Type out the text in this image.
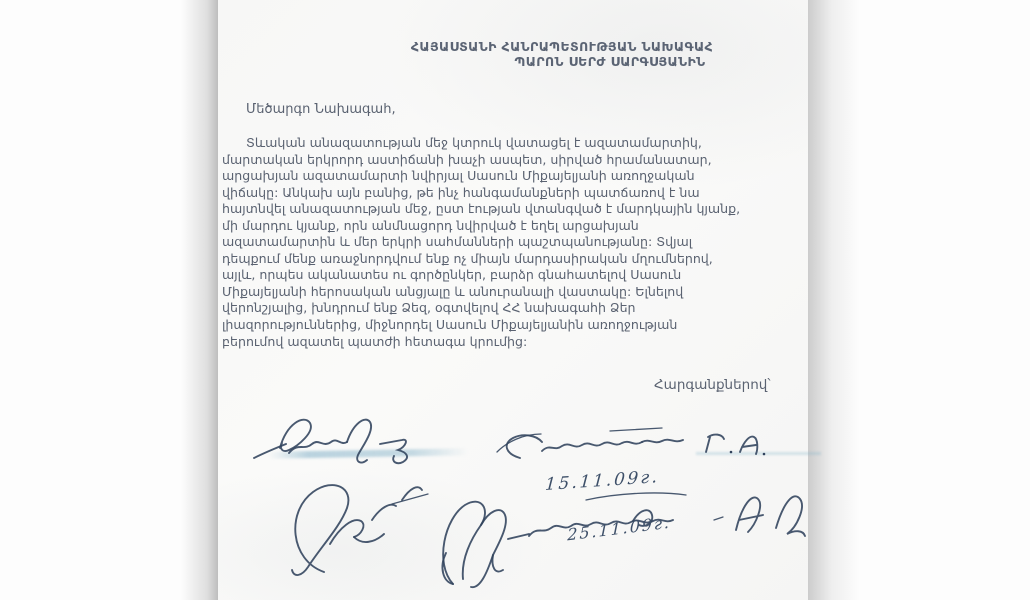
ՀԱՅԱՍՏԱՆԻ ՀԱՆՐԱՊԵՏՈՒԹՅԱՆ ՆԱԽԱԳԱՀ
ՊԱՐՈՆ ՍԵՐԺ ՍԱՐԳՍՅԱՆԻՆ
Մեծարգո Նախագահ,
Տևական անազատության մեջ կտրուկ վատացել է ազատամարտիկ,
մարտական երկրորդ աստիճանի խաչի ասպետ, սիրված հրամանատար,
արցախյան ազատամարտի նվիրյալ Սասուն Միքայելյանի առողջական
վիճակը: Անկախ այն բանից, թե ինչ հանգամանքների պատճառով է նա
հայտնվել անազատության մեջ, ըստ էության վտանգված է մարդկային կյանք,
մի մարդու կյանք, որն անմնացորդ նվիրված է եղել արցախյան
ազատամարտին և մեր երկրի սահմանների պաշտպանությանը: Տվյալ
դեպքում մենք առաջնորդվում ենք ոչ միայն մարդասիրական մղումներով,
այլև, որպես ականատես ու գործընկեր, բարձր գնահատելով Սասուն
Միքայելյանի հերոսական անցյալը և անուրանալի վաստակը: Ելնելով
վերոնշյալից, խնդրում ենք Ձեզ, օգտվելով ՀՀ նախագահի Ձեր
լիազորություններից, միջնորդել Սասուն Միքայելյանին առողջության
բերումով ազատել պատժի հետագա կրումից:
Հարգանքներով՝
15.11.09г.
25.11.09г.
